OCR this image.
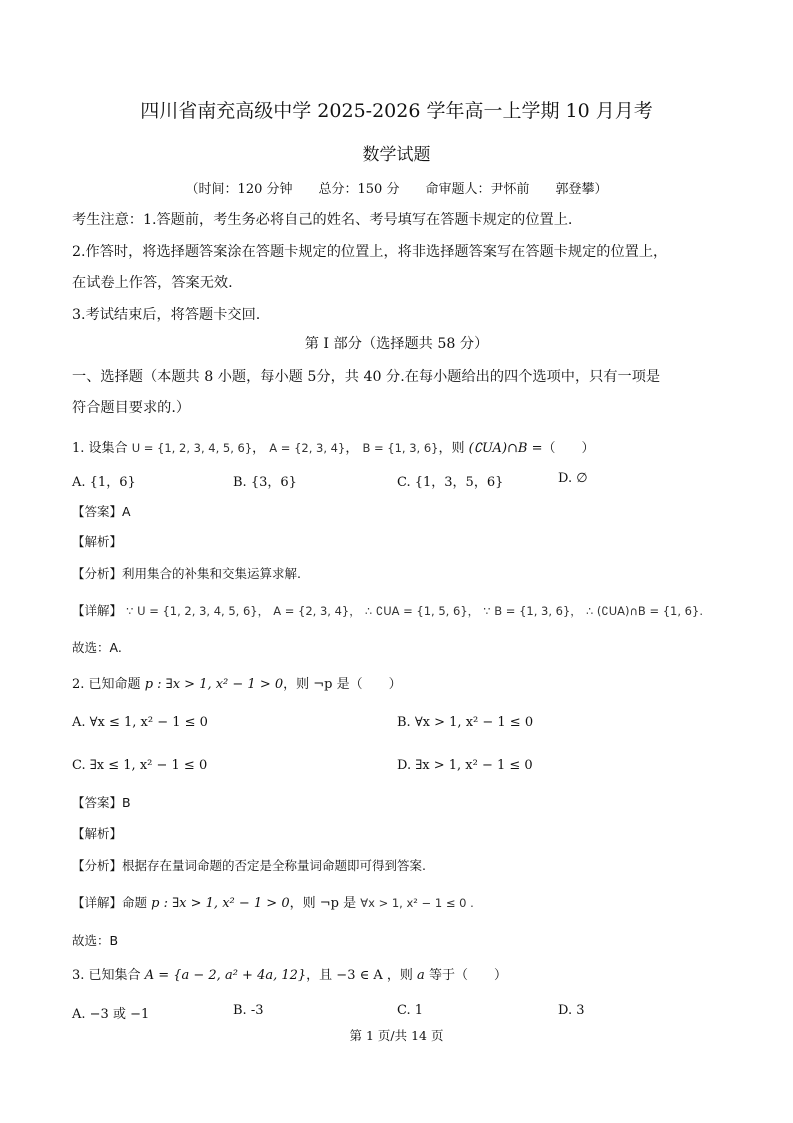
四川省南充高级中学 2025-2026 学年高一上学期 10 月月考
数学试题
（时间：120 分钟　　总分：150 分　　命审题人：尹怀前　　郭登攀）
考生注意：1.答题前，考生务必将自己的姓名、考号填写在答题卡规定的位置上.
2.作答时，将选择题答案涂在答题卡规定的位置上，将非选择题答案写在答题卡规定的位置上，
在试卷上作答，答案无效.
3.考试结束后，将答题卡交回.
第 I 部分（选择题共 58 分）
一、选择题（本题共 8 小题，每小题 5分，共 40 分.在每小题给出的四个选项中，只有一项是
符合题目要求的.）
1. 设集合 U = {1, 2, 3, 4, 5, 6}， A = {2, 3, 4}， B = {1, 3, 6}，则 (∁UA)∩B =（　　）
A. {1，6}	B. {3，6}	C. {1，3，5，6}	D. ∅
【答案】A
【解析】
【分析】利用集合的补集和交集运算求解.
【详解】 ∵ U = {1, 2, 3, 4, 5, 6}， A = {2, 3, 4}， ∴ ∁UA = {1, 5, 6}， ∵ B = {1, 3, 6}， ∴ (∁UA)∩B = {1, 6}.
故选：A.
2. 已知命题 p : ∃x > 1, x² − 1 > 0，则 ¬p 是（　　）
A. ∀x ≤ 1, x² − 1 ≤ 0	B. ∀x > 1, x² − 1 ≤ 0
C. ∃x ≤ 1, x² − 1 ≤ 0	D. ∃x > 1, x² − 1 ≤ 0
【答案】B
【解析】
【分析】根据存在量词命题的否定是全称量词命题即可得到答案.
【详解】命题 p : ∃x > 1, x² − 1 > 0，则 ¬p 是 ∀x > 1, x² − 1 ≤ 0 .
故选：B
3. 已知集合 A = {a − 2, a² + 4a, 12}，且 −3 ∈ A ，则 a 等于（　　）
A. −3 或 −1	B. -3	C. 1	D. 3
第 1 页/共 14 页
